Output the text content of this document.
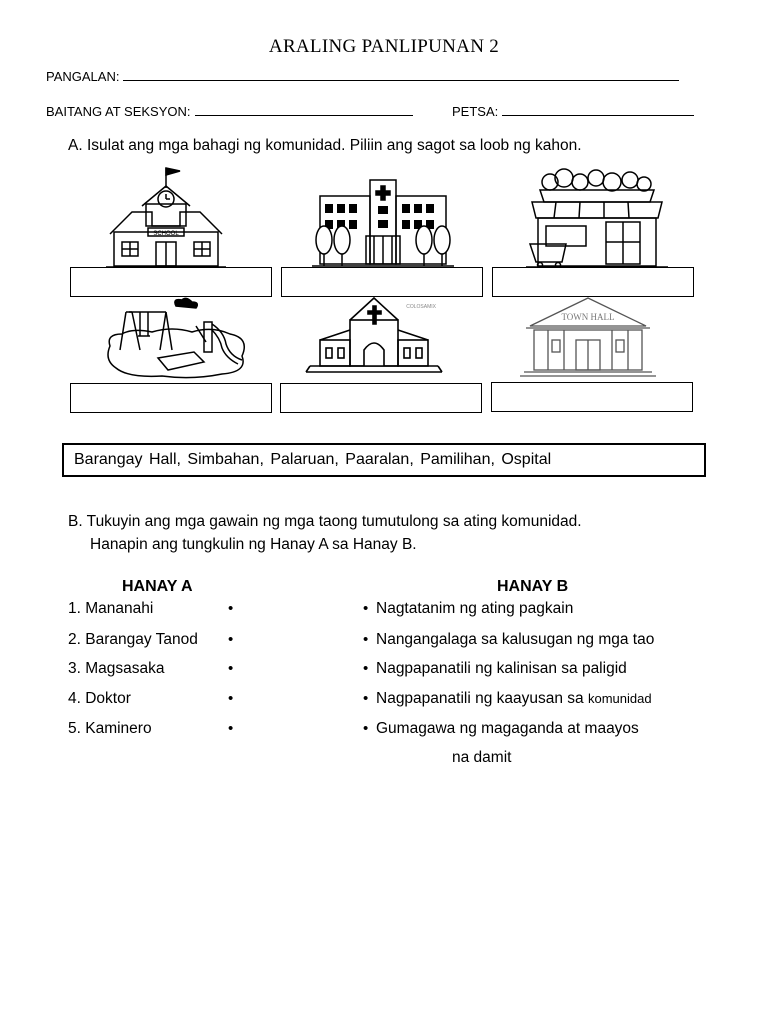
ARALING PANLIPUNAN 2
PANGALAN:
BAITANG AT SEKSYON:	PETSA:
A. Isulat ang mga bahagi ng komunidad. Piliin ang sagot sa loob ng kahon.
SCHOOL
COLOSAMIX
TOWN HALL
Barangay Hall, Simbahan, Palaruan, Paaralan, Pamilihan, Ospital
B. Tukuyin ang mga gawain ng mga taong tumutulong sa ating komunidad.
Hanapin ang tungkulin ng Hanay A sa Hanay B.
HANAY A	HANAY B
1. Mananahi
2. Barangay Tanod
3. Magsasaka
4. Doktor
5. Kaminero
•
•
•
•
•
•
•
•
•
•
Nagtatanim ng ating pagkain
Nangangalaga sa kalusugan ng mga tao
Nagpapanatili ng kalinisan sa paligid
Nagpapanatili ng kaayusan sa komunidad
Gumagawa ng magaganda at maayos
na damit
